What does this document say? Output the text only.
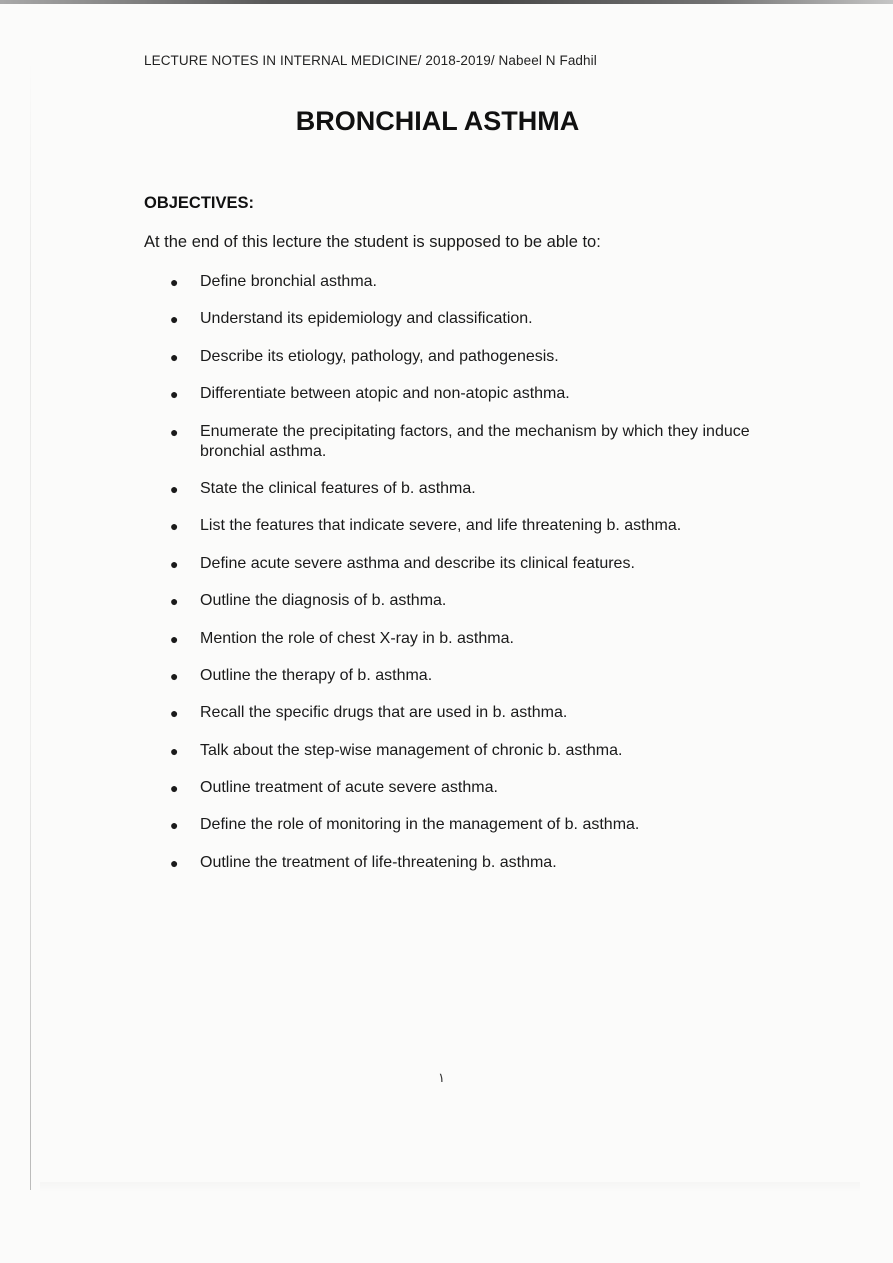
LECTURE NOTES IN INTERNAL MEDICINE/ 2018-2019/ Nabeel N Fadhil
BRONCHIAL ASTHMA
OBJECTIVES:
At the end of this lecture the student is supposed to be able to:
● Define bronchial asthma.
● Understand its epidemiology and classification.
● Describe its etiology, pathology, and pathogenesis.
● Differentiate between atopic and non-atopic asthma.
● Enumerate the precipitating factors, and the mechanism by which they induce bronchial asthma.
● State the clinical features of b. asthma.
● List the features that indicate severe, and life threatening b. asthma.
● Define acute severe asthma and describe its clinical features.
● Outline the diagnosis of b. asthma.
● Mention the role of chest X-ray in b. asthma.
● Outline the therapy of b. asthma.
● Recall the specific drugs that are used in b. asthma.
● Talk about the step-wise management of chronic b. asthma.
● Outline treatment of acute severe asthma.
● Define the role of monitoring in the management of b. asthma.
● Outline the treatment of life-threatening b. asthma.
١
